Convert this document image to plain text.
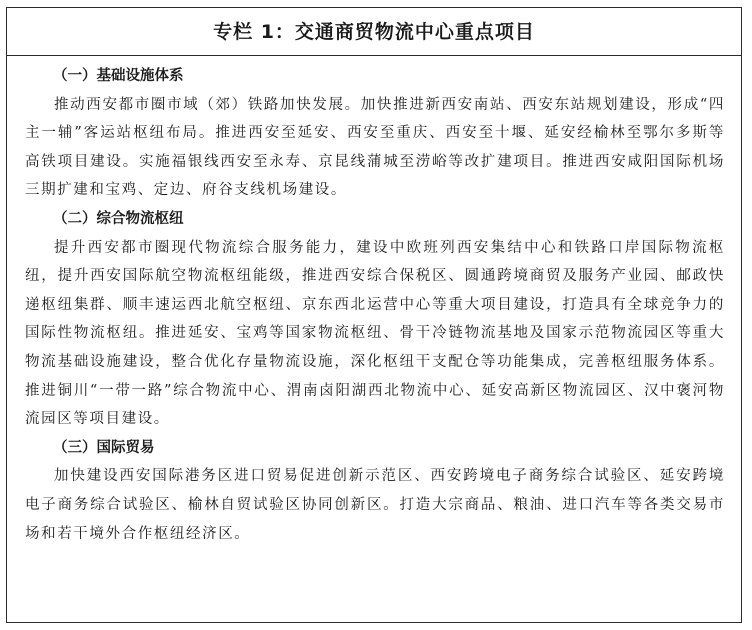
专栏 1：交通商贸物流中心重点项目

（一）基础设施体系

推动西安都市圈市域（郊）铁路加快发展。加快推进新西安南站、西安东站规划建设，形成“四主一辅”客运站枢纽布局。推进西安至延安、西安至重庆、西安至十堰、延安经榆林至鄂尔多斯等高铁项目建设。实施福银线西安至永寿、京昆线蒲城至涝峪等改扩建项目。推进西安咸阳国际机场三期扩建和宝鸡、定边、府谷支线机场建设。

（二）综合物流枢纽

提升西安都市圈现代物流综合服务能力，建设中欧班列西安集结中心和铁路口岸国际物流枢纽，提升西安国际航空物流枢纽能级，推进西安综合保税区、圆通跨境商贸及服务产业园、邮政快递枢纽集群、顺丰速运西北航空枢纽、京东西北运营中心等重大项目建设，打造具有全球竞争力的国际性物流枢纽。推进延安、宝鸡等国家物流枢纽、骨干冷链物流基地及国家示范物流园区等重大物流基础设施建设，整合优化存量物流设施，深化枢纽干支配仓等功能集成，完善枢纽服务体系。推进铜川“一带一路”综合物流中心、渭南卤阳湖西北物流中心、延安高新区物流园区、汉中褒河物流园区等项目建设。

（三）国际贸易

加快建设西安国际港务区进口贸易促进创新示范区、西安跨境电子商务综合试验区、延安跨境电子商务综合试验区、榆林自贸试验区协同创新区。打造大宗商品、粮油、进口汽车等各类交易市场和若干境外合作枢纽经济区。
